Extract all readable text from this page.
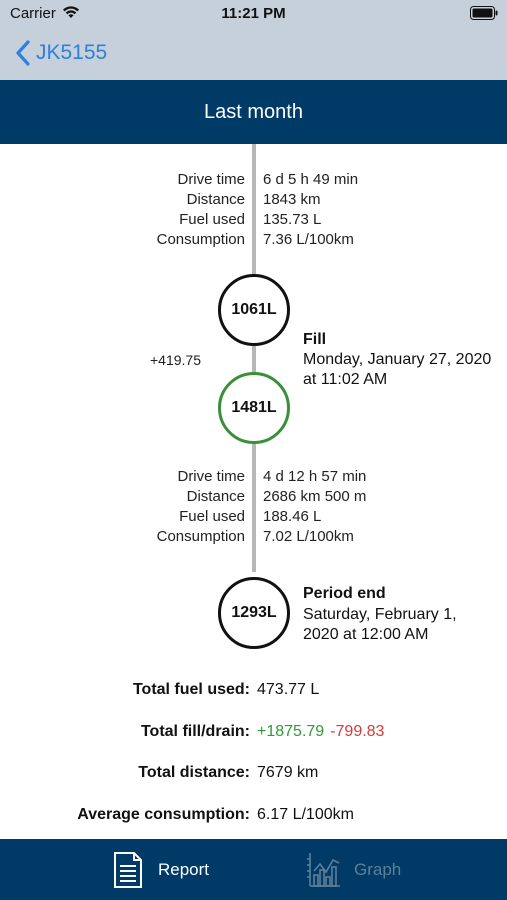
Carrier	11:21 PM
JK5155
Last month
Drive time 6 d 5 h 49 min
Distance 1843 km
Fuel used 135.73 L
Consumption 7.36 L/100km
1061L
Fill
+419.75	Monday, January 27, 2020 at 11:02 AM
1481L
Drive time 4 d 12 h 57 min
Distance 2686 km 500 m
Fuel used 188.46 L
Consumption 7.02 L/100km
1293L
Period end
Saturday, February 1, 2020 at 12:00 AM
Total fuel used: 473.77 L
Total fill/drain: +1875.79 -799.83
Total distance: 7679 km
Average consumption: 6.17 L/100km
Report	Graph
